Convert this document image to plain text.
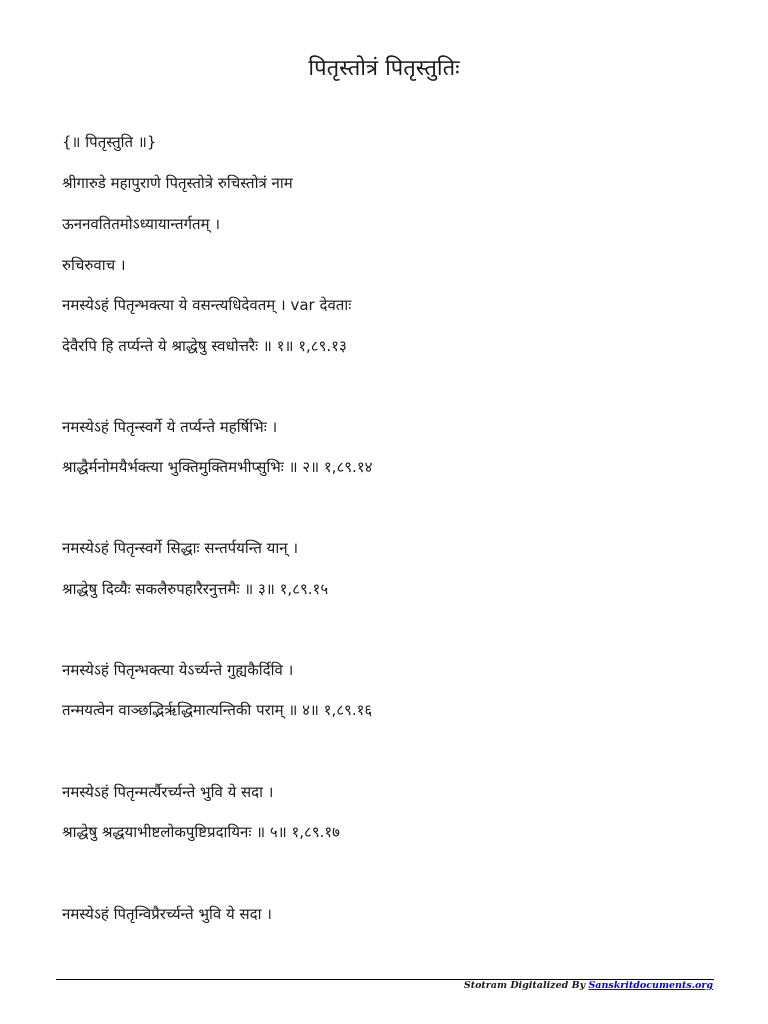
पितृस्तोत्रं पितृस्तुतिः

{॥ पितृस्तुति ॥}

श्रीगारुडे महापुराणे पितृस्तोत्रे रुचिस्तोत्रं नाम

ऊननवतितमोऽध्यायान्तर्गतम् ।

रुचिरुवाच ।

नमस्येऽहं पितृन्भक्त्या ये वसन्त्यधिदेवतम् । var देवताः

देवैरपि हि तर्प्यन्ते ये श्राद्धेषु स्वधोत्तरैः ॥ १॥ १,८९.१३

नमस्येऽहं पितृन्स्वर्गे ये तर्प्यन्ते महर्षिभिः ।

श्राद्धैर्मनोमयैर्भक्त्या भुक्तिमुक्तिमभीप्सुभिः ॥ २॥ १,८९.१४

नमस्येऽहं पितृन्स्वर्गे सिद्धाः सन्तर्पयन्ति यान् ।

श्राद्धेषु दिव्यैः सकलैरुपहारैरनुत्तमैः ॥ ३॥ १,८९.१५

नमस्येऽहं पितृन्भक्त्या येऽर्च्यन्ते गुह्यकैर्दिवि ।

तन्मयत्वेन वाञ्छद्भिरृद्धिमात्यन्तिकी पराम् ॥ ४॥ १,८९.१६

नमस्येऽहं पितृन्मर्त्यैरर्च्यन्ते भुवि ये सदा ।

श्राद्धेषु श्रद्धयाभीष्टलोकपुष्टिप्रदायिनः ॥ ५॥ १,८९.१७

नमस्येऽहं पितृन्विप्रैरर्च्यन्ते भुवि ये सदा ।

Stotram Digitalized By Sanskritdocuments.org
